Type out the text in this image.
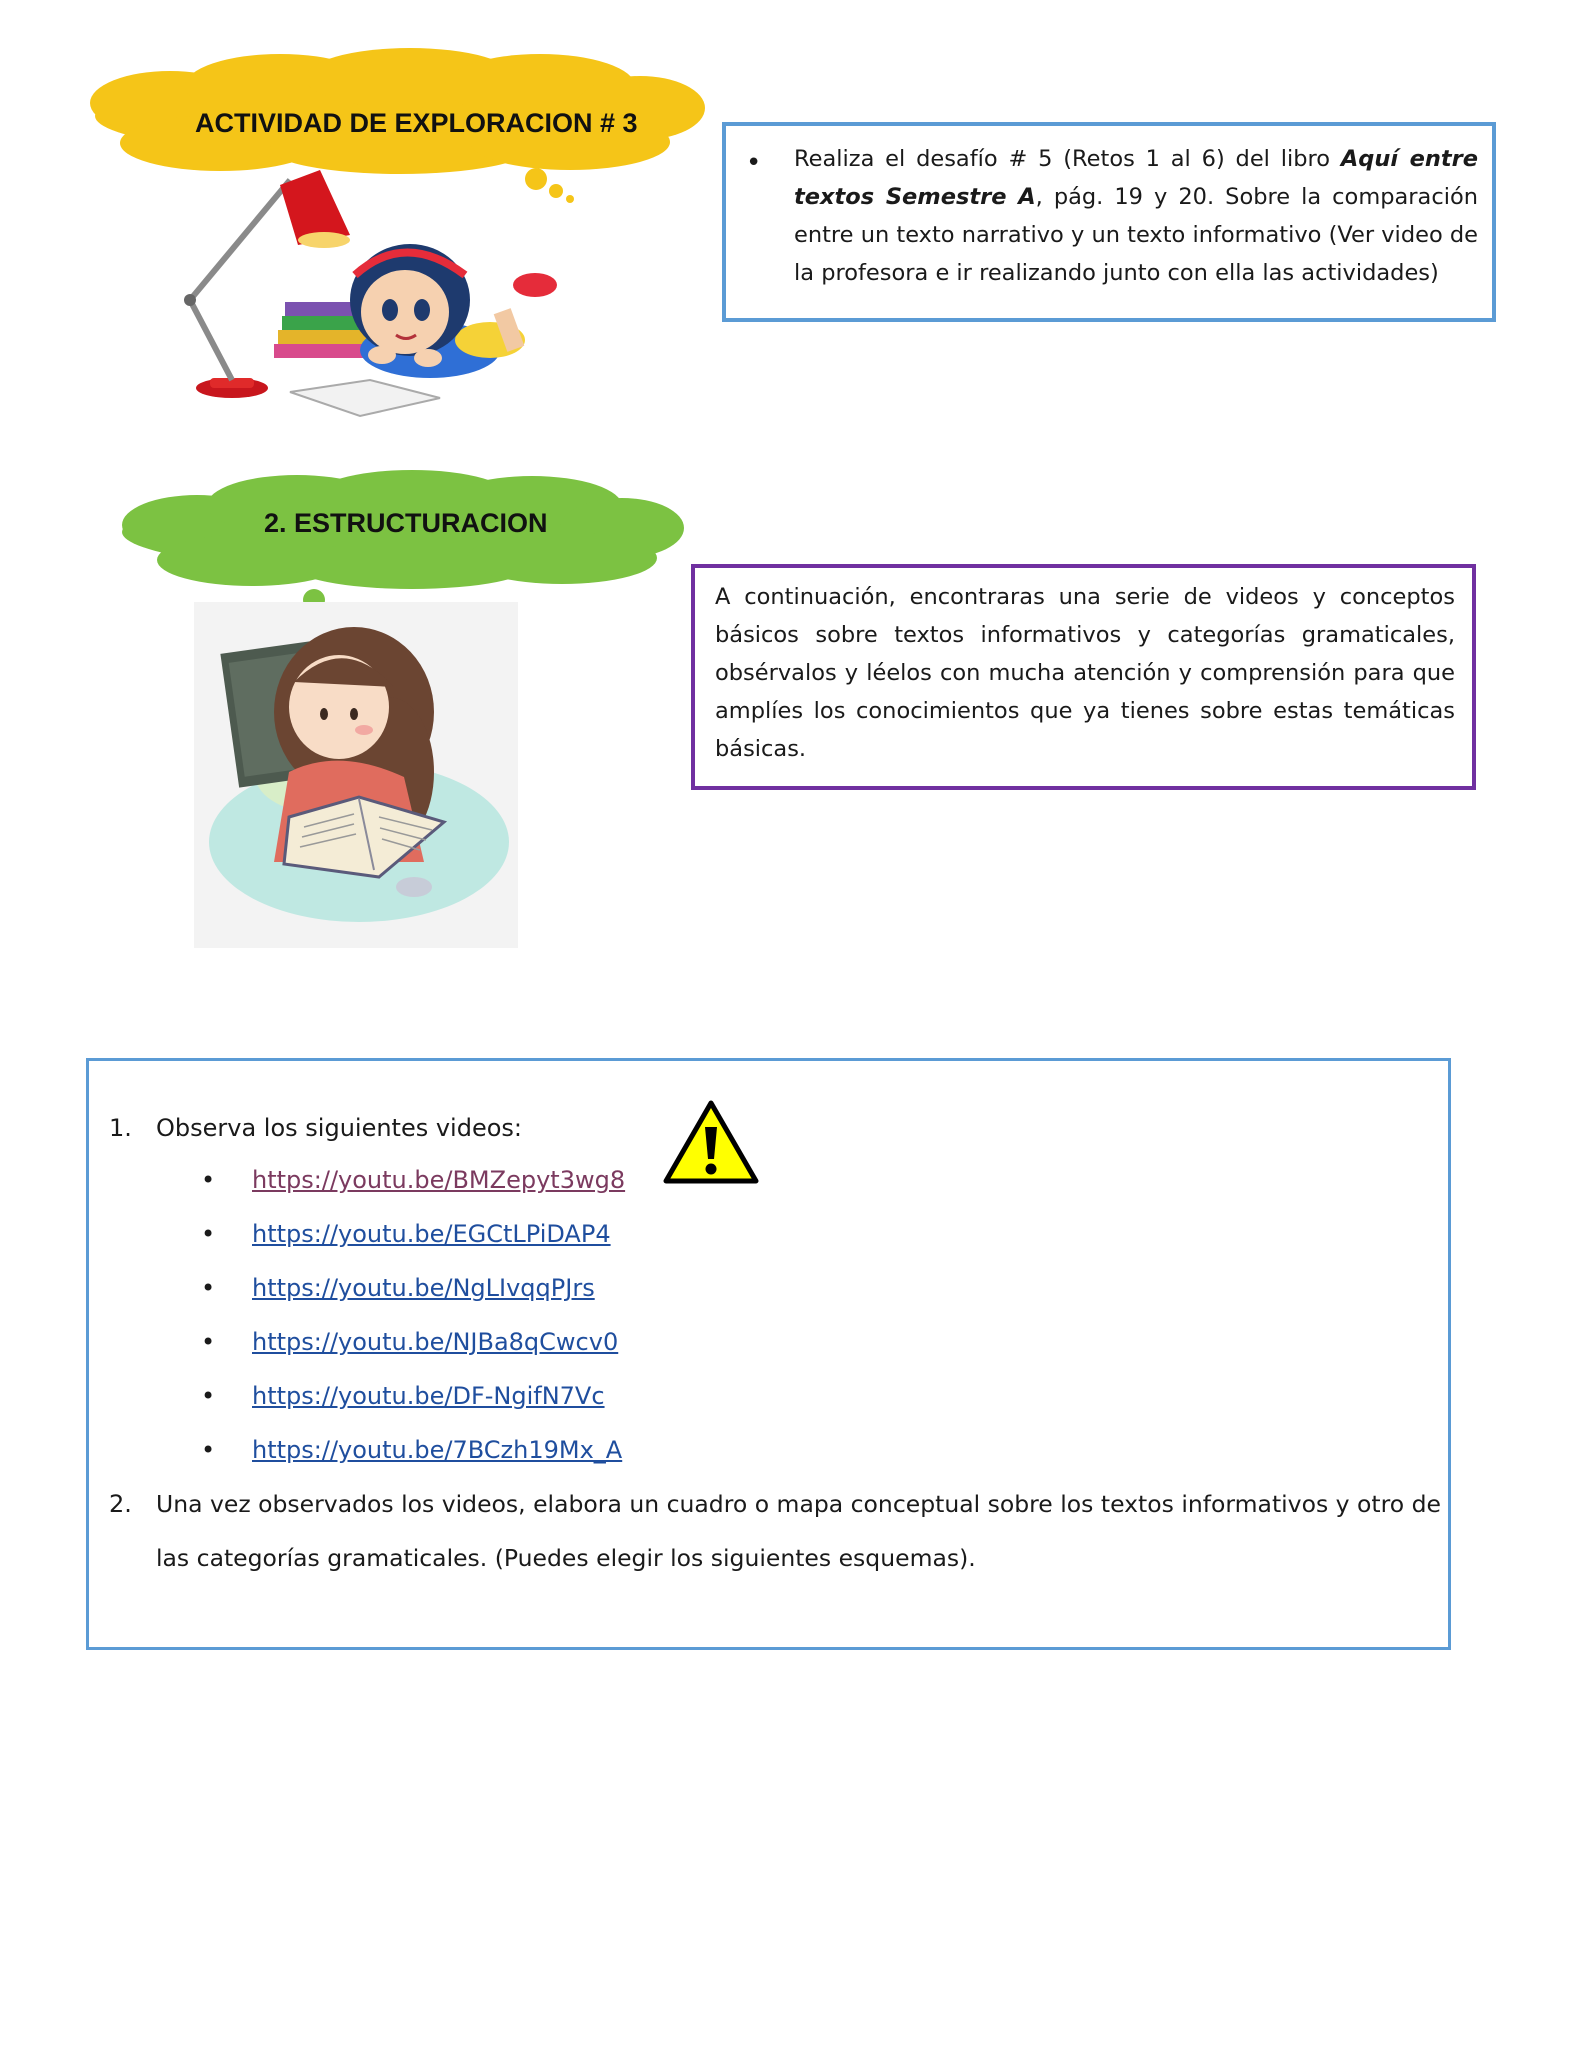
ACTIVIDAD DE EXPLORACION # 3
• Realiza el desafío # 5 (Retos 1 al 6) del libro Aquí entre textos Semestre A, pág. 19 y 20. Sobre la comparación entre un texto narrativo y un texto informativo (Ver video de la profesora e ir realizando junto con ella las actividades)
2. ESTRUCTURACION
A continuación, encontraras una serie de videos y conceptos básicos sobre textos informativos y categorías gramaticales, obsérvalos y léelos con mucha atención y comprensión para que amplíes los conocimientos que ya tienes sobre estas temáticas básicas.
1. Observa los siguientes videos:
• https://youtu.be/BMZepyt3wg8
• https://youtu.be/EGCtLPiDAP4
• https://youtu.be/NgLIvqqPJrs
• https://youtu.be/NJBa8qCwcv0
• https://youtu.be/DF-NgifN7Vc
• https://youtu.be/7BCzh19Mx_A
2. Una vez observados los videos, elabora un cuadro o mapa conceptual sobre los textos informativos y otro de
las categorías gramaticales. (Puedes elegir los siguientes esquemas).
